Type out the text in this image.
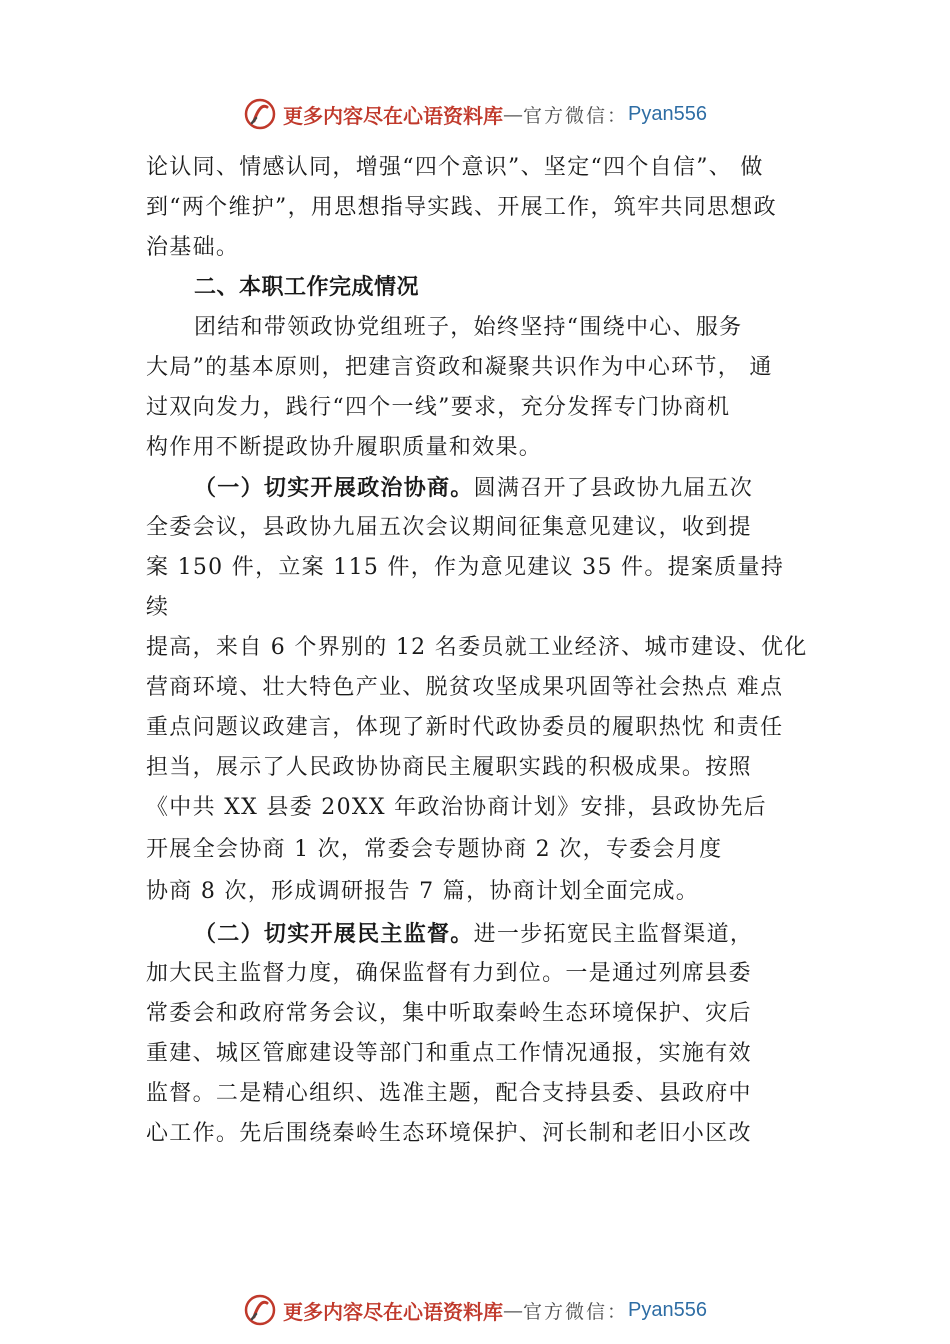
更多内容尽在心语资料库 — 官方微信： Pyan556
论认同、情感认同，增强“四个意识”、坚定“四个自信”、 做
到“两个维护”，用思想指导实践、开展工作，筑牢共同思想政
治基础。
二、本职工作完成情况
团结和带领政协党组班子，始终坚持“围绕中心、服务
大局”的基本原则，把建言资政和凝聚共识作为中心环节， 通
过双向发力，践行“四个一线”要求，充分发挥专门协商机
构作用不断提政协升履职质量和效果。
（一）切实开展政治协商。圆满召开了县政协九届五次
全委会议，县政协九届五次会议期间征集意见建议，收到提
案 150 件，立案 115 件，作为意见建议 35 件。提案质量持
续
提高，来自 6 个界别的 12 名委员就工业经济、城市建设、优化
营商环境、壮大特色产业、脱贫攻坚成果巩固等社会热点 难点
重点问题议政建言，体现了新时代政协委员的履职热忱 和责任
担当，展示了人民政协协商民主履职实践的积极成果。按照
《中共 XX 县委 20XX 年政治协商计划》安排，县政协先后
开展全会协商 1 次，常委会专题协商 2 次，专委会月度
协商 8 次，形成调研报告 7 篇，协商计划全面完成。
（二）切实开展民主监督。进一步拓宽民主监督渠道，
加大民主监督力度，确保监督有力到位。一是通过列席县委
常委会和政府常务会议，集中听取秦岭生态环境保护、灾后
重建、城区管廊建设等部门和重点工作情况通报，实施有效
监督。二是精心组织、选准主题，配合支持县委、县政府中
心工作。先后围绕秦岭生态环境保护、河长制和老旧小区改
更多内容尽在心语资料库 — 官方微信： Pyan556
